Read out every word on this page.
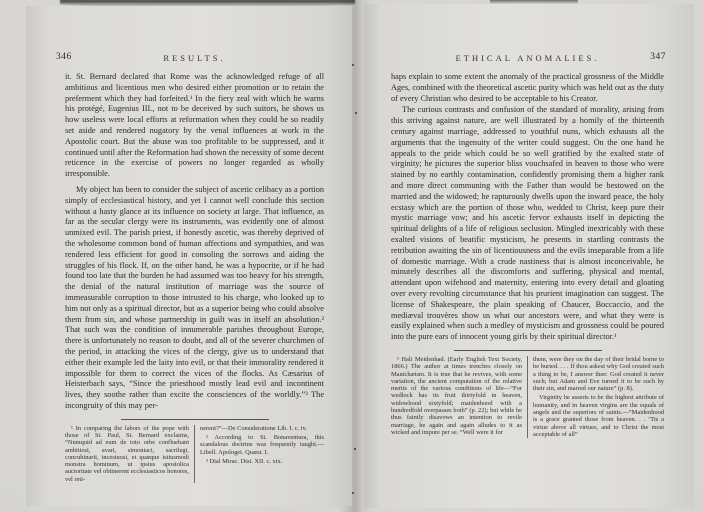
346	RESULTS.

it. St. Bernard declared that Rome was the acknowledged refuge of all ambitious and licentious men who desired either promotion or to retain the preferment which they had forfeited.¹ In the fiery zeal with which he warns his protégé, Eugenius III., not to be deceived by such suitors, he shows us how useless were local efforts at reformation when they could be so readily set aside and rendered nugatory by the venal influences at work in the Apostolic court. But the abuse was too profitable to be suppressed, and it continued until after the Reformation had shown the necessity of some decent reticence in the exercise of powers no longer regarded as wholly irresponsible.

My object has been to consider the subject of ascetic celibacy as a portion simply of ecclesiastical history, and yet I cannot well conclude this section without a hasty glance at its influence on society at large. That influence, as far as the secular clergy were its instruments, was evidently one of almost unmixed evil. The parish priest, if honestly ascetic, was thereby deprived of the wholesome common bond of human affections and sympathies, and was rendered less efficient for good in consoling the sorrows and aiding the struggles of his flock. If, on the other hand, he was a hypocrite, or if he had found too late that the burden he had assumed was too heavy for his strength, the denial of the natural institution of marriage was the source of immeasurable corruption to those intrusted to his charge, who looked up to him not only as a spiritual director, but as a superior being who could absolve them from sin, and whose partnership in guilt was in itself an absolution.² That such was the condition of innumerable parishes throughout Europe, there is unfortunately no reason to doubt, and all of the severer churchmen of the period, in attacking the vices of the clergy, give us to understand that either their example led the laity into evil, or that their immorality rendered it impossible for them to correct the vices of the flocks. As Cæsarius of Heisterbach says, “Since the priesthood mostly lead evil and incontinent lives, they soothe rather than excite the consciences of the worldly.”³ The incongruity of this may per-

¹ In comparing the labors of the pope with those of St. Paul, St. Bernard exclaims, “Numquid ad eum de toto orbe confluebant ambitiosi, avari, simoniaci, sacrilegi, concubinarii, incestuosi, et quæque istiusmodi monstra hominum, ut ipsius apostolica auctoritate vel obtinerent ecclesiasticos honores, vel reti-

nerent?”—De Consideratione Lib. I. c. iv.

² According to St. Bonaventura, this scandalous doctrine was frequently taught.—Libell. Apologet. Quæst. I.

³ Dial Mirac. Dist. XII. c. xix.

347
ETHICAL ANOMALIES.

haps explain to some extent the anomaly of the practical grossness of the Middle Ages, combined with the theoretical ascetic purity which was held out as the duty of every Christian who desired to be acceptable to his Creator.

The curious contrasts and confusion of the standard of morality, arising from this striving against nature, are well illustrated by a homily of the thirteenth century against marriage, addressed to youthful nuns, which exhausts all the arguments that the ingenuity of the writer could suggest. On the one hand he appeals to the pride which could be so well gratified by the exalted state of virginity; he pictures the superior bliss vouchsafed in heaven to those who were stained by no earthly contamination, confidently promising them a higher rank and more direct communing with the Father than would be bestowed on the married and the widowed; he rapturously dwells upon the inward peace, the holy ecstasy which are the portion of those who, wedded to Christ, keep pure their mystic marriage vow; and his ascetic fervor exhausts itself in depicting the spiritual delights of a life of religious seclusion. Mingled inextricably with these exalted visions of beatific mysticism, he presents in startling contrasts the retribution awaiting the sin of licentiousness and the evils inseparable from a life of domestic marriage. With a crude nastiness that is almost inconceivable, he minutely describes all the discomforts and suffering, physical and mental, attendant upon wifehood and maternity, entering into every detail and gloating over every revolting circumstance that his prurient imagination can suggest. The license of Shakespeare, the plain speaking of Chaucer, Boccaccio, and the mediæval trouvères show us what our ancestors were, and what they were is easily explained when such a medley of mysticism and grossness could be poured into the pure ears of innocent young girls by their spiritual director.¹

¹ Hali Meidenhad. (Early English Text Society, 1866.) The author at times trenches closely on Manichæism. It is true that he revives, with some variation, the ancient computation of the relative merits of the various conditions of life—“For wedlock has its fruit thirtyfold in heaven, widowhood sixtyfold; maidenhood with a hundredfold overpasses both” (p. 22); but while he thus faintly disavows an intention to revile marriage, he again and again alludes to it as wicked and impure per se. “Well were it for

them, were they on the day of their bridal borne to be buried. . . . If thou askest why God created such a thing to be, I answer thee: God created it never such; but Adam and Eve turned it to be such by their sin, and marred our nature” (p. 8).

Virginity he asserts to be the highest attribute of humanity, and in heaven virgins are the equals of angels and the superiors of saints.—“Maidenhood is a grace granted those from heaven. . . ’Tis a virtue above all virtues, and to Christ the most acceptable of all”
